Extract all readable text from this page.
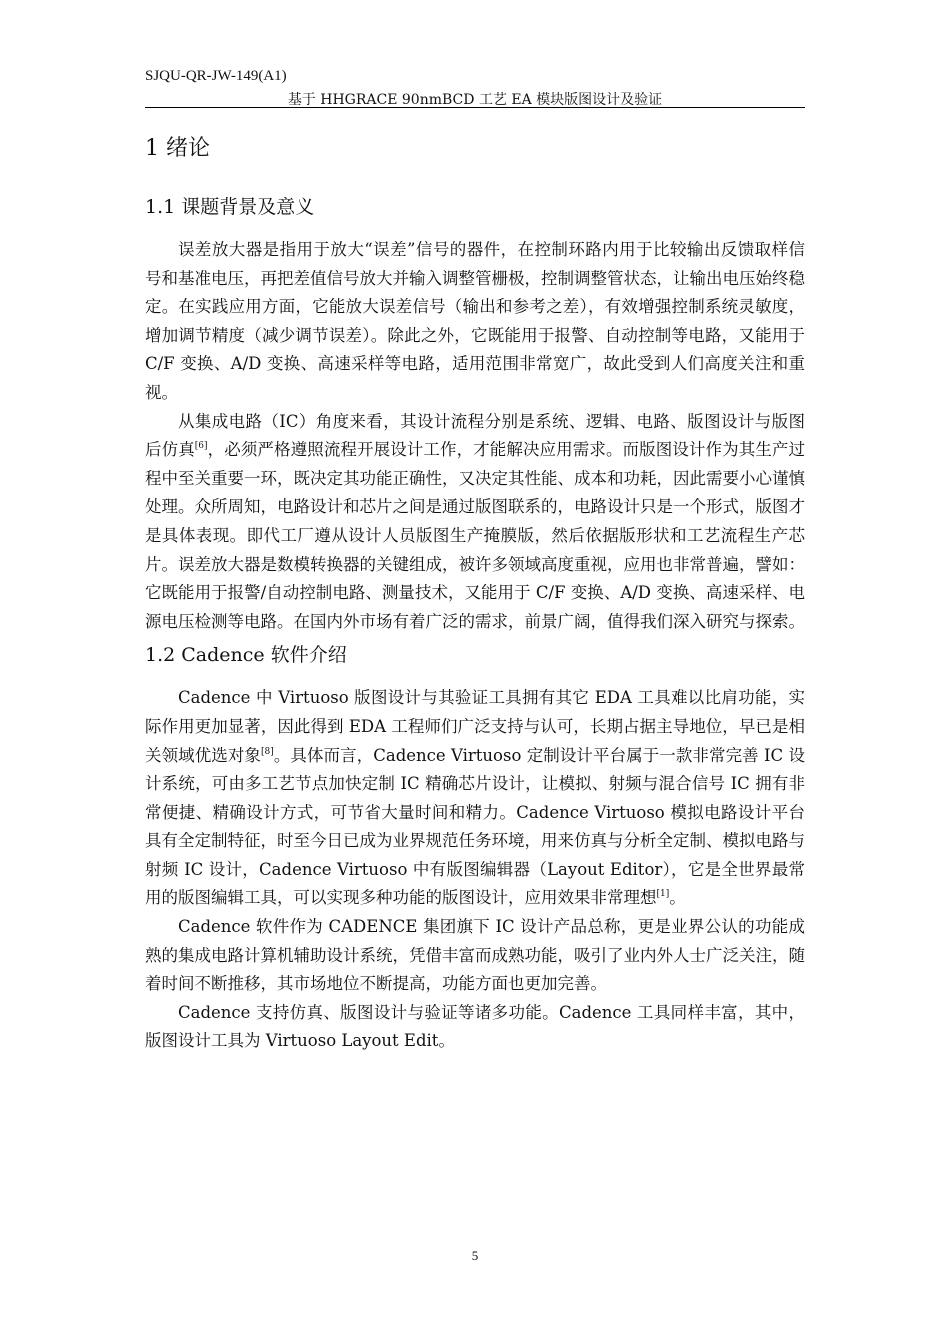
SJQU-QR-JW-149(A1)
基于 HHGRACE 90nmBCD 工艺 EA 模块版图设计及验证
1 绪论
1.1 课题背景及意义

误差放大器是指用于放大“误差”信号的器件，在控制环路内用于比较输出反馈取样信号和基准电压，再把差值信号放大并输入调整管栅极，控制调整管状态，让输出电压始终稳定。在实践应用方面，它能放大误差信号（输出和参考之差），有效增强控制系统灵敏度，增加调节精度（减少调节误差）。除此之外，它既能用于报警、自动控制等电路，又能用于 C/F 变换、A/D 变换、高速采样等电路，适用范围非常宽广，故此受到人们高度关注和重视。

从集成电路（IC）角度来看，其设计流程分别是系统、逻辑、电路、版图设计与版图后仿真[6]，必须严格遵照流程开展设计工作，才能解决应用需求。而版图设计作为其生产过程中至关重要一环，既决定其功能正确性，又决定其性能、成本和功耗，因此需要小心谨慎处理。众所周知，电路设计和芯片之间是通过版图联系的，电路设计只是一个形式，版图才是具体表现。即代工厂遵从设计人员版图生产掩膜版，然后依据版形状和工艺流程生产芯片。误差放大器是数模转换器的关键组成，被许多领域高度重视，应用也非常普遍，譬如：它既能用于报警/自动控制电路、测量技术，又能用于 C/F 变换、A/D 变换、高速采样、电源电压检测等电路。在国内外市场有着广泛的需求，前景广阔，值得我们深入研究与探索。

1.2 Cadence 软件介绍

Cadence 中 Virtuoso 版图设计与其验证工具拥有其它 EDA 工具难以比肩功能，实际作用更加显著，因此得到 EDA 工程师们广泛支持与认可，长期占据主导地位，早已是相关领域优选对象[8]。具体而言，Cadence Virtuoso 定制设计平台属于一款非常完善 IC 设计系统，可由多工艺节点加快定制 IC 精确芯片设计，让模拟、射频与混合信号 IC 拥有非常便捷、精确设计方式，可节省大量时间和精力。Cadence Virtuoso 模拟电路设计平台具有全定制特征，时至今日已成为业界规范任务环境，用来仿真与分析全定制、模拟电路与射频 IC 设计，Cadence Virtuoso 中有版图编辑器（Layout Editor），它是全世界最常用的版图编辑工具，可以实现多种功能的版图设计，应用效果非常理想[1]。

Cadence 软件作为 CADENCE 集团旗下 IC 设计产品总称，更是业界公认的功能成熟的集成电路计算机辅助设计系统，凭借丰富而成熟功能，吸引了业内外人士广泛关注，随着时间不断推移，其市场地位不断提高，功能方面也更加完善。

Cadence 支持仿真、版图设计与验证等诸多功能。Cadence 工具同样丰富，其中，版图设计工具为 Virtuoso Layout Edit。

5
